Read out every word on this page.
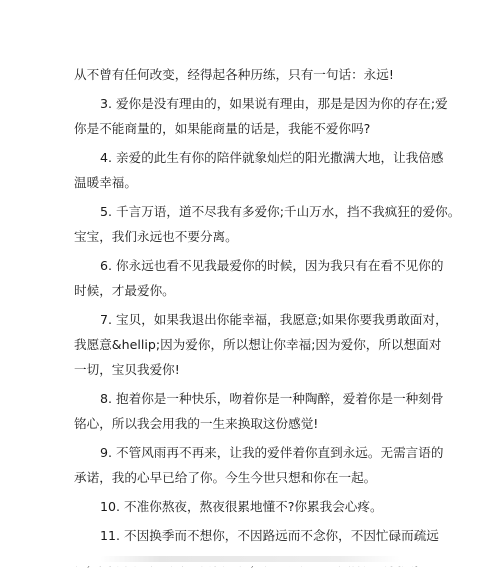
从不曾有任何改变，经得起各种历练，只有一句话：永远!
3. 爱你是没有理由的，如果说有理由，那是是因为你的存在;爱
你是不能商量的，如果能商量的话是，我能不爱你吗?
4. 亲爱的此生有你的陪伴就象灿烂的阳光撒满大地，让我倍感
温暖幸福。
5. 千言万语，道不尽我有多爱你;千山万水，挡不我疯狂的爱你。
宝宝，我们永远也不要分离。
6. 你永远也看不见我最爱你的时候，因为我只有在看不见你的
时候，才最爱你。
7. 宝贝，如果我退出你能幸福，我愿意;如果你要我勇敢面对，
我愿意&hellip;因为爱你，所以想让你幸福;因为爱你，所以想面对
一切，宝贝我爱你!
8. 抱着你是一种快乐，吻着你是一种陶醉，爱着你是一种刻骨
铭心，所以我会用我的一生来换取这份感觉!
9. 不管风雨再不再来，让我的爱伴着你直到永远。无需言语的
承诺，我的心早已给了你。今生今世只想和你在一起。
10. 不准你熬夜，熬夜很累地懂不?你累我会心疼。
11. 不因换季而不想你，不因路远而不念你，不因忙碌而疏远
